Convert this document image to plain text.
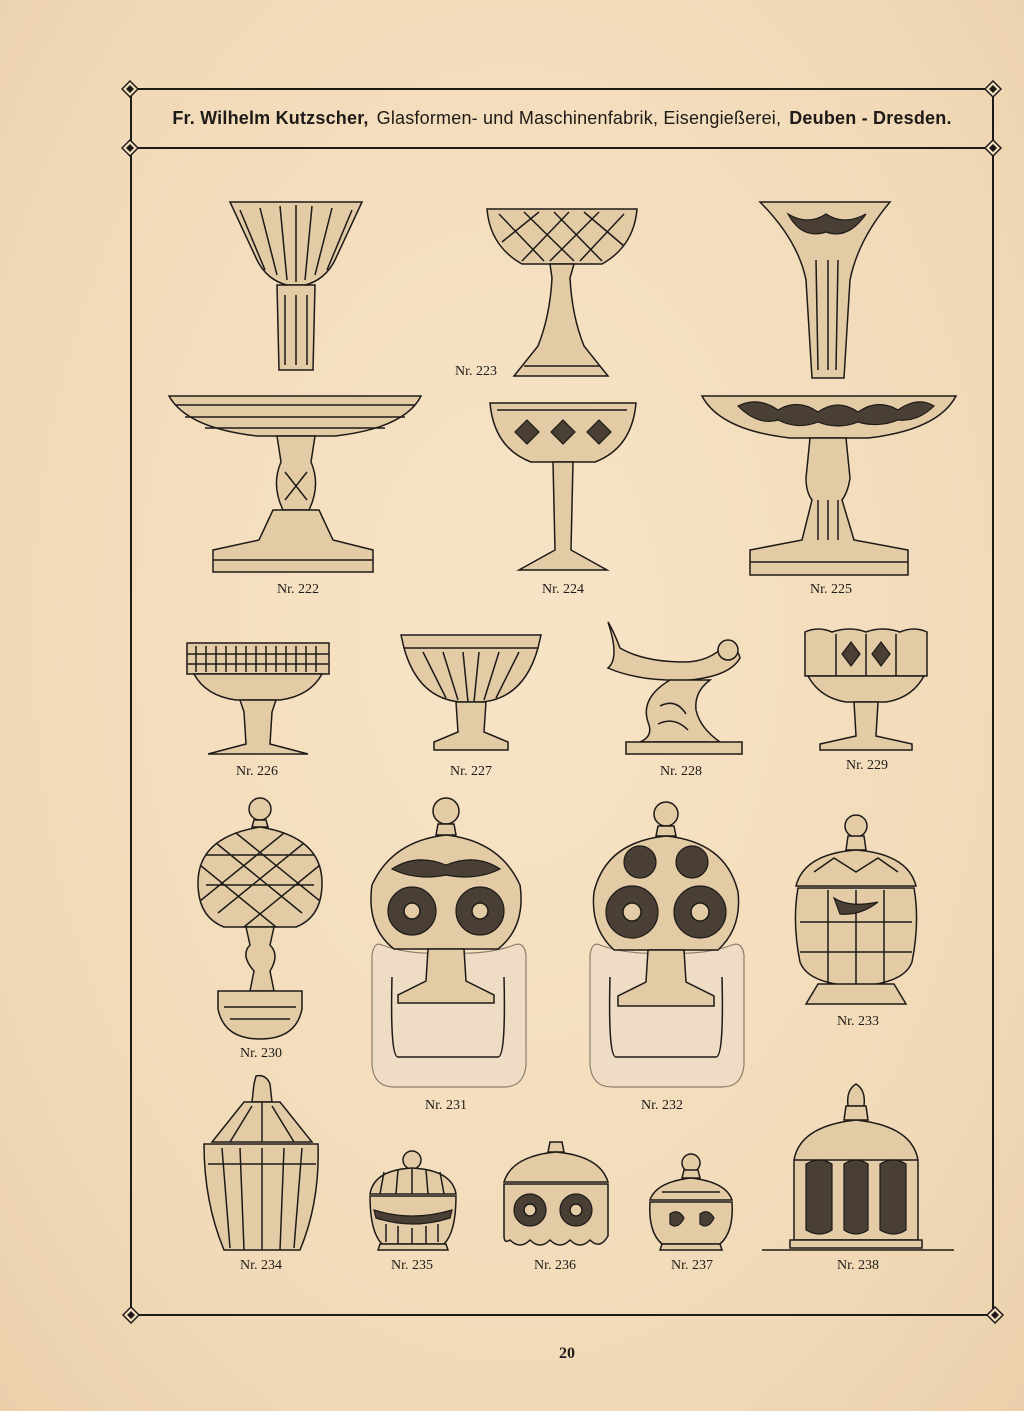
Fr. Wilhelm Kutzscher, Glasformen- und Maschinenfabrik, Eisengießerei, Deuben - Dresden.
Nr. 222
Nr. 223
Nr. 224	Nr. 225
Nr. 226	Nr. 227	Nr. 228	Nr. 229
Nr. 230
Nr. 231	Nr. 232
Nr. 233
Nr. 234	Nr. 235	Nr. 236	Nr. 237	Nr. 238
20
